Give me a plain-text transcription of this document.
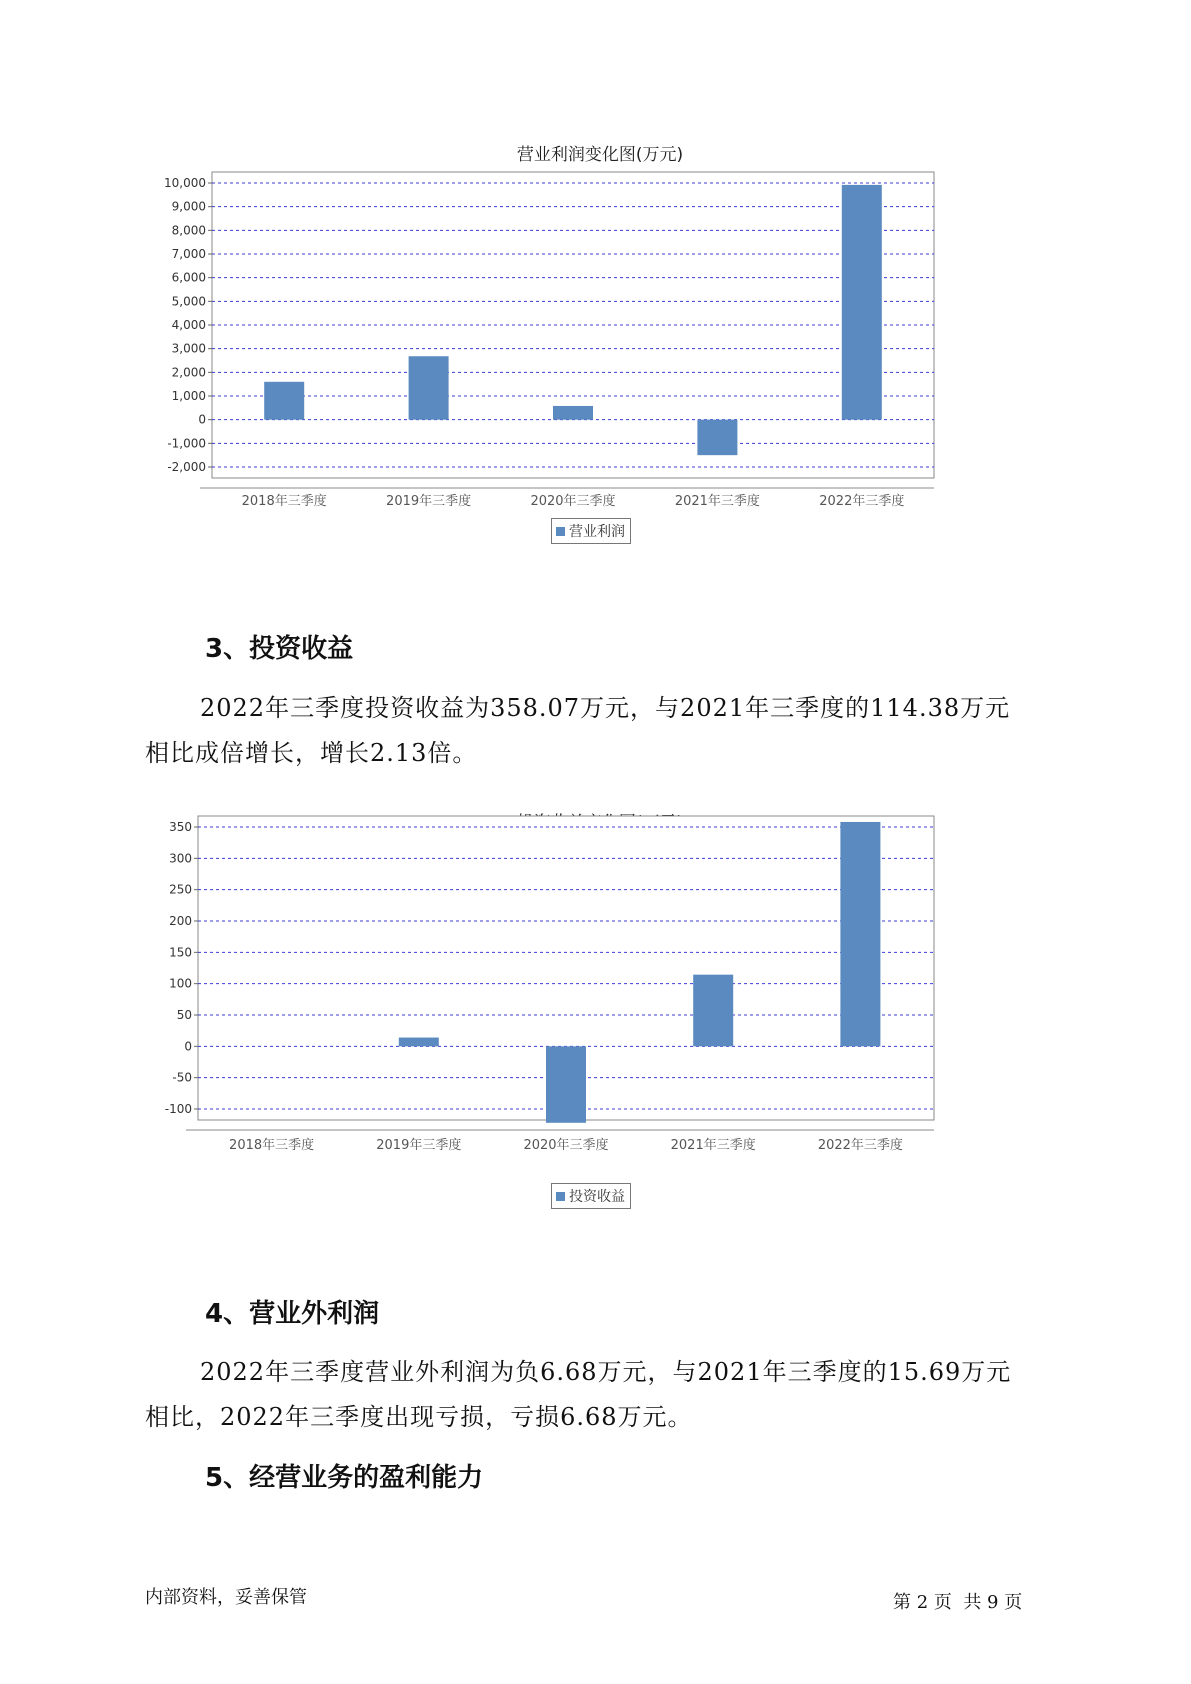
营业利润变化图(万元)
-2,000
-1,000
0
1,000
2,000
3,000
4,000
5,000
6,000
7,000
8,000
9,000
10,000
2018年三季度	2019年三季度	2020年三季度	2021年三季度	2022年三季度
营业利润
3、投资收益

2022年三季度投资收益为358.07万元，与2021年三季度的114.38万元

相比成倍增长，增长2.13倍。

-100
-50
0
50
100
150
200
250
300
350
2018年三季度	2019年三季度	2020年三季度	2021年三季度	2022年三季度
投资收益
4、营业外利润

2022年三季度营业外利润为负6.68万元，与2021年三季度的15.69万元

相比，2022年三季度出现亏损，亏损6.68万元。

5、经营业务的盈利能力
内部资料，妥善保管	第 2 页  共 9 页
